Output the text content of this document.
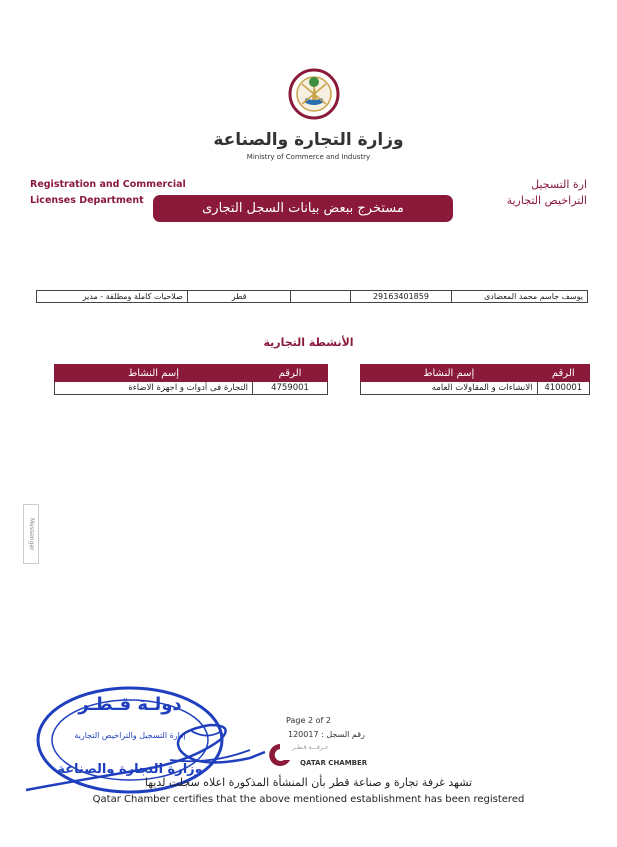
وزارة التجارة والصناعة
Ministry of Commerce and Industry
Registration and Commercial
Licenses Department
ارة التسجيل
التراخيص التجارية
مستخرج ببعض بيانات السجل التجارى
صلاحيات كاملة ومطلقة - مدير	قطر		29163401859	يوسف جاسم محمد المعضادى
الأنشطة التجارية
إسم النشاط	الرقم
التجارة فى أدوات و اجهزة الاضاءة	4759001
إسم النشاط	الرقم
الانشاءات و المقاولات العامه	4100001
Messenger
دولـة قـطـر
إدارة التسجيل والتراخيص التجارية
وزارة التجارة والصناعة
Page 2 of 2
رقم السجل : 120017
غـرفـــة قـطـر
QATAR CHAMBER
تشهد غرفة تجارة و صناعة قطر بأن المنشأة المذكورة اعلاه سجلت لديها
Qatar Chamber certifies that the above mentioned establishment has been registered
